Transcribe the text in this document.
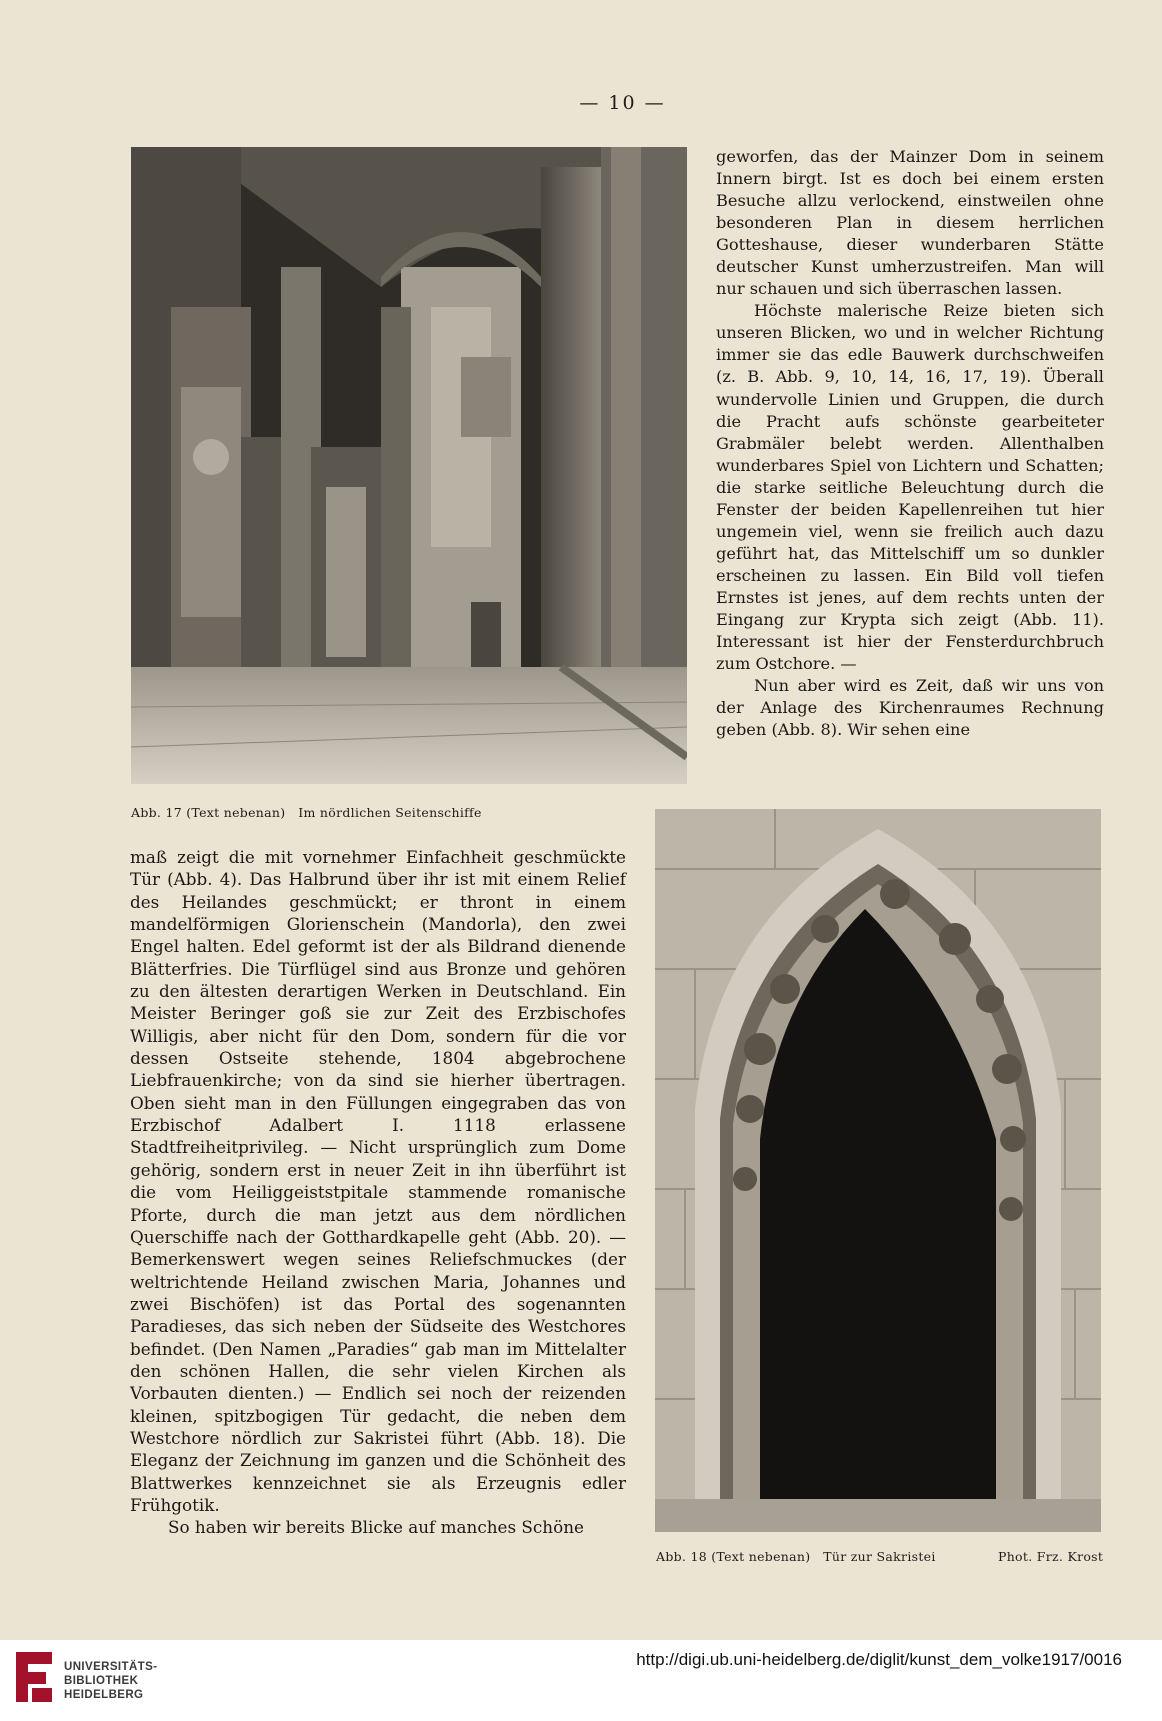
— 10 —
Abb. 17 (Text nebenan)   Im nördlichen Seitenschiffe

geworfen, das der Mainzer Dom in seinem Innern birgt. Ist es doch bei einem ersten Besuche allzu verlockend, einstweilen ohne besonderen Plan in diesem herrlichen Gotteshause, dieser wunderbaren Stätte deutscher Kunst umherzustreifen. Man will nur schauen und sich überraschen lassen.

Höchste malerische Reize bieten sich unseren Blicken, wo und in welcher Richtung immer sie das edle Bauwerk durchschweifen (z. B. Abb. 9, 10, 14, 16, 17, 19). Überall wundervolle Linien und Gruppen, die durch die Pracht aufs schönste gearbeiteter Grabmäler belebt werden. Allenthalben wunderbares Spiel von Lichtern und Schatten; die starke seitliche Beleuchtung durch die Fenster der beiden Kapellenreihen tut hier ungemein viel, wenn sie freilich auch dazu geführt hat, das Mittelschiff um so dunkler erscheinen zu lassen. Ein Bild voll tiefen Ernstes ist jenes, auf dem rechts unten der Eingang zur Krypta sich zeigt (Abb. 11). Interessant ist hier der Fensterdurchbruch zum Ostchore. —

Nun aber wird es Zeit, daß wir uns von der Anlage des Kirchenraumes Rechnung geben (Abb. 8). Wir sehen eine

Abb. 18 (Text nebenan)   Tür zur Sakristei	Phot. Frz. Krost

maß zeigt die mit vornehmer Einfachheit geschmückte Tür (Abb. 4). Das Halbrund über ihr ist mit einem Relief des Heilandes geschmückt; er thront in einem mandelförmigen Glorienschein (Mandorla), den zwei Engel halten. Edel geformt ist der als Bildrand dienende Blätterfries. Die Türflügel sind aus Bronze und gehören zu den ältesten derartigen Werken in Deutschland. Ein Meister Beringer goß sie zur Zeit des Erzbischofes Willigis, aber nicht für den Dom, sondern für die vor dessen Ostseite stehende, 1804 abgebrochene Liebfrauenkirche; von da sind sie hierher übertragen. Oben sieht man in den Füllungen eingegraben das von Erzbischof Adalbert I. 1118 erlassene Stadtfreiheitprivileg. — Nicht ursprünglich zum Dome gehörig, sondern erst in neuer Zeit in ihn überführt ist die vom Heiliggeiststpitale stammende romanische Pforte, durch die man jetzt aus dem nördlichen Querschiffe nach der Gotthardkapelle geht (Abb. 20). — Bemerkenswert wegen seines Reliefschmuckes (der weltrichtende Heiland zwischen Maria, Johannes und zwei Bischöfen) ist das Portal des sogenannten Paradieses, das sich neben der Südseite des Westchores befindet. (Den Namen „Paradies“ gab man im Mittelalter den schönen Hallen, die sehr vielen Kirchen als Vorbauten dienten.) — Endlich sei noch der reizenden kleinen, spitzbogigen Tür gedacht, die neben dem Westchore nördlich zur Sakristei führt (Abb. 18). Die Eleganz der Zeichnung im ganzen und die Schönheit des Blattwerkes kennzeichnet sie als Erzeugnis edler Frühgotik.

So haben wir bereits Blicke auf manches Schöne

UNIVERSITÄTS-
BIBLIOTHEK
HEIDELBERG
http://digi.ub.uni-heidelberg.de/diglit/kunst_dem_volke1917/0016
